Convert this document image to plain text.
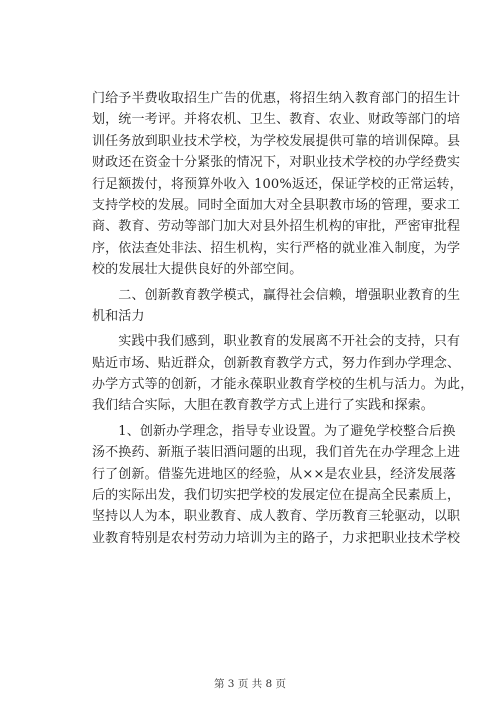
门给予半费收取招生广告的优惠，将招生纳入教育部门的招生计
划，统一考评。并将农机、卫生、教育、农业、财政等部门的培
训任务放到职业技术学校，为学校发展提供可靠的培训保障。县
财政还在资金十分紧张的情况下，对职业技术学校的办学经费实
行足额拨付，将预算外收入 100%返还，保证学校的正常运转，
支持学校的发展。同时全面加大对全县职教市场的管理，要求工
商、教育、劳动等部门加大对县外招生机构的审批，严密审批程
序，依法查处非法、招生机构，实行严格的就业准入制度，为学
校的发展壮大提供良好的外部空间。
　　二、创新教育教学模式，赢得社会信赖，增强职业教育的生
机和活力
　　实践中我们感到，职业教育的发展离不开社会的支持，只有
贴近市场、贴近群众，创新教育教学方式，努力作到办学理念、
办学方式等的创新，才能永葆职业教育学校的生机与活力。为此，
我们结合实际，大胆在教育教学方式上进行了实践和探索。
　　1、创新办学理念，指导专业设置。为了避免学校整合后换
汤不换药、新瓶子装旧酒问题的出现，我们首先在办学理念上进
行了创新。借鉴先进地区的经验，从××是农业县，经济发展落
后的实际出发，我们切实把学校的发展定位在提高全民素质上，
坚持以人为本，职业教育、成人教育、学历教育三轮驱动，以职
业教育特别是农村劳动力培训为主的路子，力求把职业技术学校
第 3 页 共 8 页
